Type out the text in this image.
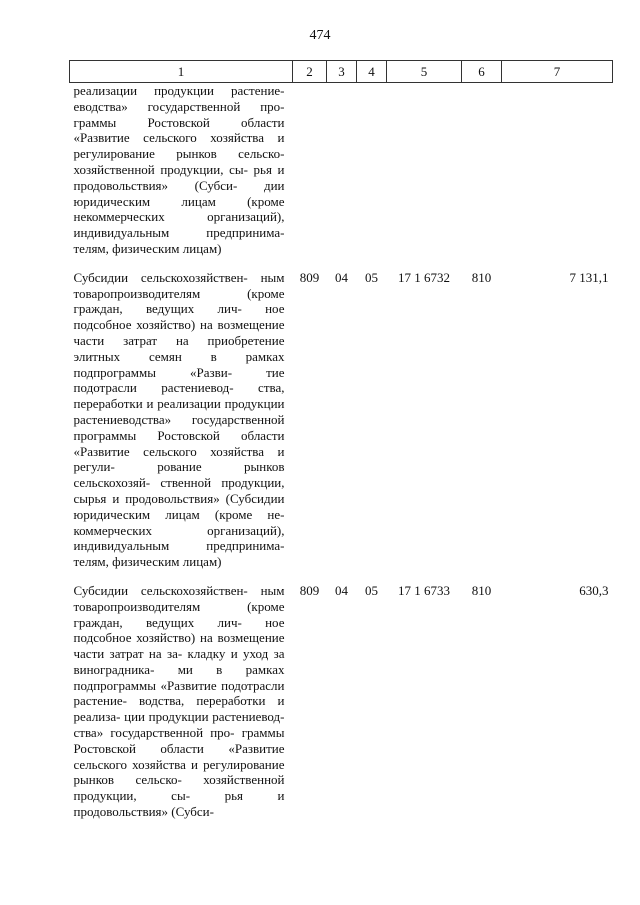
474
1	2	3	4	5	6	7
реализации продукции растение- еводства» государственной про- граммы Ростовской области «Развитие сельского хозяйства и регулирование рынков сельско- хозяйственной продукции, сы- рья и продовольствия» (Субси- дии юридическим лицам (кроме некоммерческих организаций), индивидуальным предпринима- телям, физическим лицам)						

Субсидии сельскохозяйствен- ным товаропроизводителям (кроме граждан, ведущих лич- ное подсобное хозяйство) на возмещение части затрат на приобретение элитных семян в рамках подпрограммы «Разви- тие подотрасли растениевод- ства, переработки и реализации продукции растениеводства» государственной программы Ростовской области «Развитие сельского хозяйства и регули- рование рынков сельскохозяй- ственной продукции, сырья и продовольствия» (Субсидии юридическим лицам (кроме не- коммерческих организаций), индивидуальным предпринима- телям, физическим лицам)	809	04	05	17 1 6732	810	7 131,1

Субсидии сельскохозяйствен- ным товаропроизводителям (кроме граждан, ведущих лич- ное подсобное хозяйство) на возмещение части затрат на за- кладку и уход за виноградника- ми в рамках подпрограммы «Развитие подотрасли растение- водства, переработки и реализа- ции продукции растениевод- ства» государственной про- граммы Ростовской области «Развитие сельского хозяйства и регулирование рынков сельско- хозяйственной продукции, сы- рья и продовольствия» (Субси-	809	04	05	17 1 6733	810	630,3
